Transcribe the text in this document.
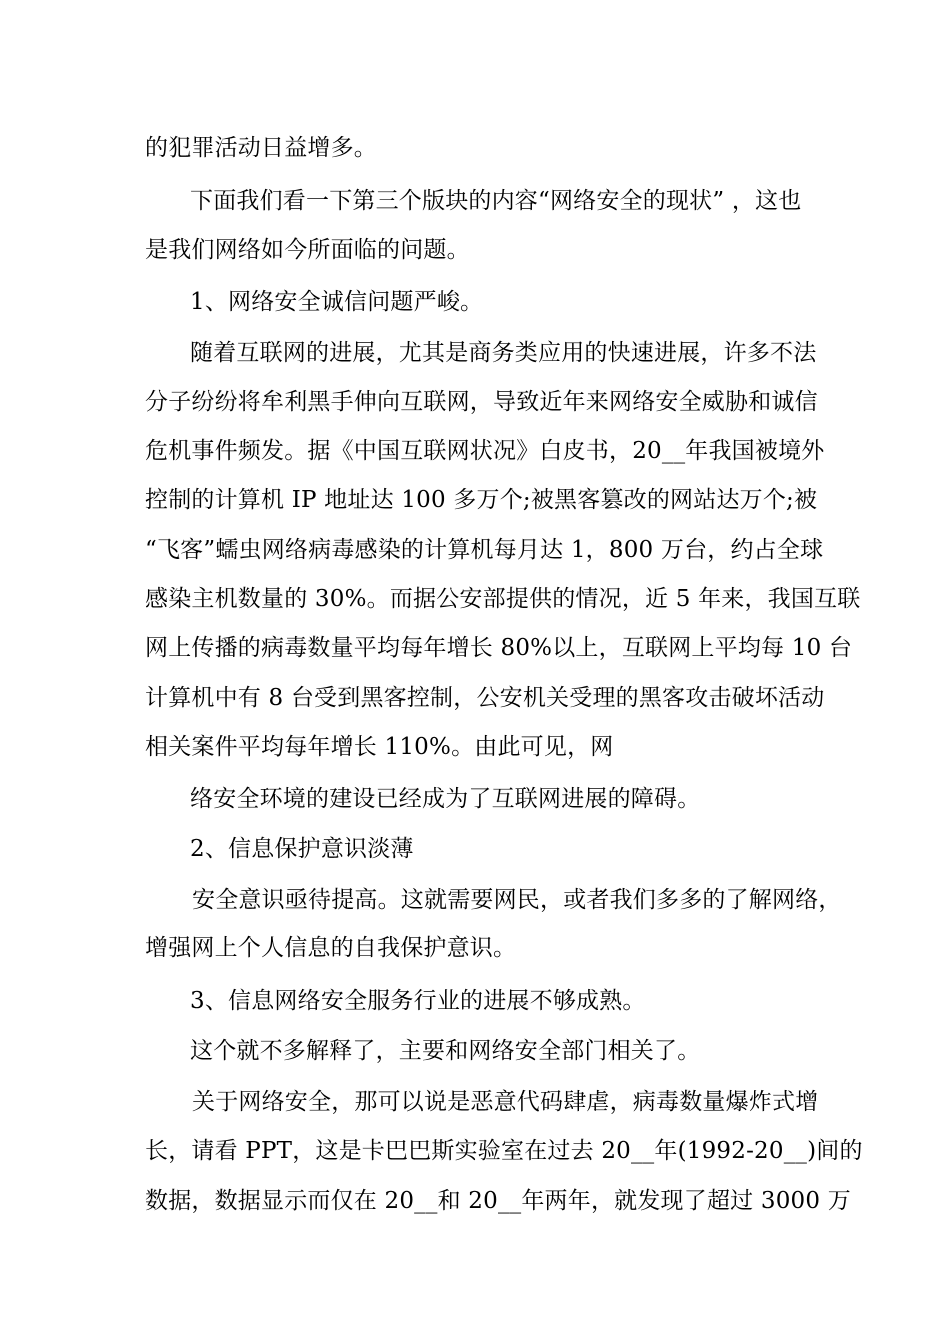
的犯罪活动日益增多。
下面我们看一下第三个版块的内容“网络安全的现状” ，这也
是我们网络如今所面临的问题。
1、网络安全诚信问题严峻。
随着互联网的进展，尤其是商务类应用的快速进展，许多不法
分子纷纷将牟利黑手伸向互联网，导致近年来网络安全威胁和诚信
危机事件频发。据《中国互联网状况》白皮书，20__年我国被境外
控制的计算机 IP 地址达 100 多万个;被黑客篡改的网站达万个;被
“飞客”蠕虫网络病毒感染的计算机每月达 1，800 万台，约占全球
感染主机数量的 30%。而据公安部提供的情况，近 5 年来，我国互联
网上传播的病毒数量平均每年增长 80%以上，互联网上平均每 10 台
计算机中有 8 台受到黑客控制，公安机关受理的黑客攻击破坏活动
相关案件平均每年增长 110%。由此可见，网
络安全环境的建设已经成为了互联网进展的障碍。
2、信息保护意识淡薄
安全意识亟待提高。这就需要网民，或者我们多多的了解网络，
增强网上个人信息的自我保护意识。
3、信息网络安全服务行业的进展不够成熟。
这个就不多解释了，主要和网络安全部门相关了。
关于网络安全，那可以说是恶意代码肆虐，病毒数量爆炸式增
长，请看 PPT，这是卡巴巴斯实验室在过去 20__年(1992-20__)间的
数据，数据显示而仅在 20__和 20__年两年，就发现了超过 3000 万
